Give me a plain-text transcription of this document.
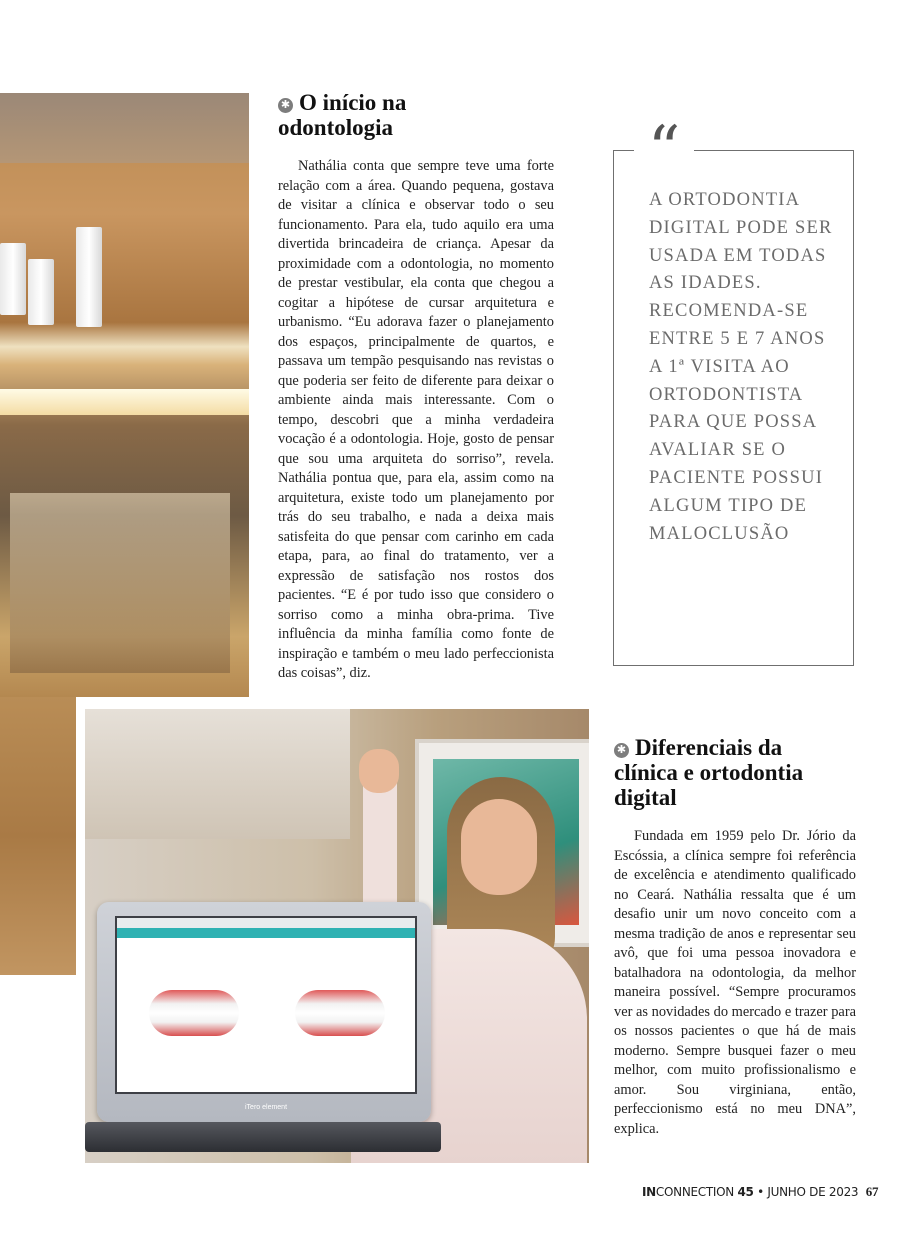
✱ O início na
odontologia

Nathália conta que sempre teve uma forte relação com a área. Quando pequena, gostava de visitar a clínica e observar todo o seu funcionamento. Para ela, tudo aquilo era uma divertida brincadeira de criança. Apesar da proximidade com a odontologia, no momento de prestar vestibular, ela conta que chegou a cogitar a hipótese de cursar arquitetura e urbanismo. “Eu adorava fazer o planejamento dos espaços, principalmente de quartos, e passava um tempão pesquisando nas revistas o que poderia ser feito de diferente para deixar o ambiente ainda mais interessante. Com o tempo, descobri que a minha verdadeira vocação é a odontologia. Hoje, gosto de pensar que sou uma arquiteta do sorriso”, revela. Nathália pontua que, para ela, assim como na arquitetura, existe todo um planejamento por trás do seu trabalho, e nada a deixa mais satisfeita do que pensar com carinho em cada etapa, para, ao final do tratamento, ver a expressão de satisfação nos rostos dos pacientes. “E é por tudo isso que considero o sorriso como a minha obra-prima. Tive influência da minha família como fonte de inspiração e também o meu lado perfeccionista das coisas”, diz.

“

A ORTODONTIA DIGITAL PODE SER USADA EM TODAS AS IDADES. RECOMENDA-SE ENTRE 5 E 7 ANOS A 1ª VISITA AO ORTODONTISTA PARA QUE POSSA AVALIAR SE O PACIENTE POSSUI ALGUM TIPO DE MALOCLUSÃO

iTero element
✱ Diferenciais da
clínica e ortodontia
digital

Fundada em 1959 pelo Dr. Jório da Escóssia, a clínica sempre foi referência de excelência e atendimento qualificado no Ceará. Nathália ressalta que é um desafio unir um novo conceito com a mesma tradição de anos e representar seu avô, que foi uma pessoa inovadora e batalhadora na odontologia, da melhor maneira possível. “Sempre procuramos ver as novidades do mercado e trazer para os nossos pacientes o que há de mais moderno. Sempre busquei fazer o meu melhor, com muito profissionalismo e amor. Sou virginiana, então, perfeccionismo está no meu DNA”, explica.

INCONNECTION 45 • JUNHO DE 2023 67
